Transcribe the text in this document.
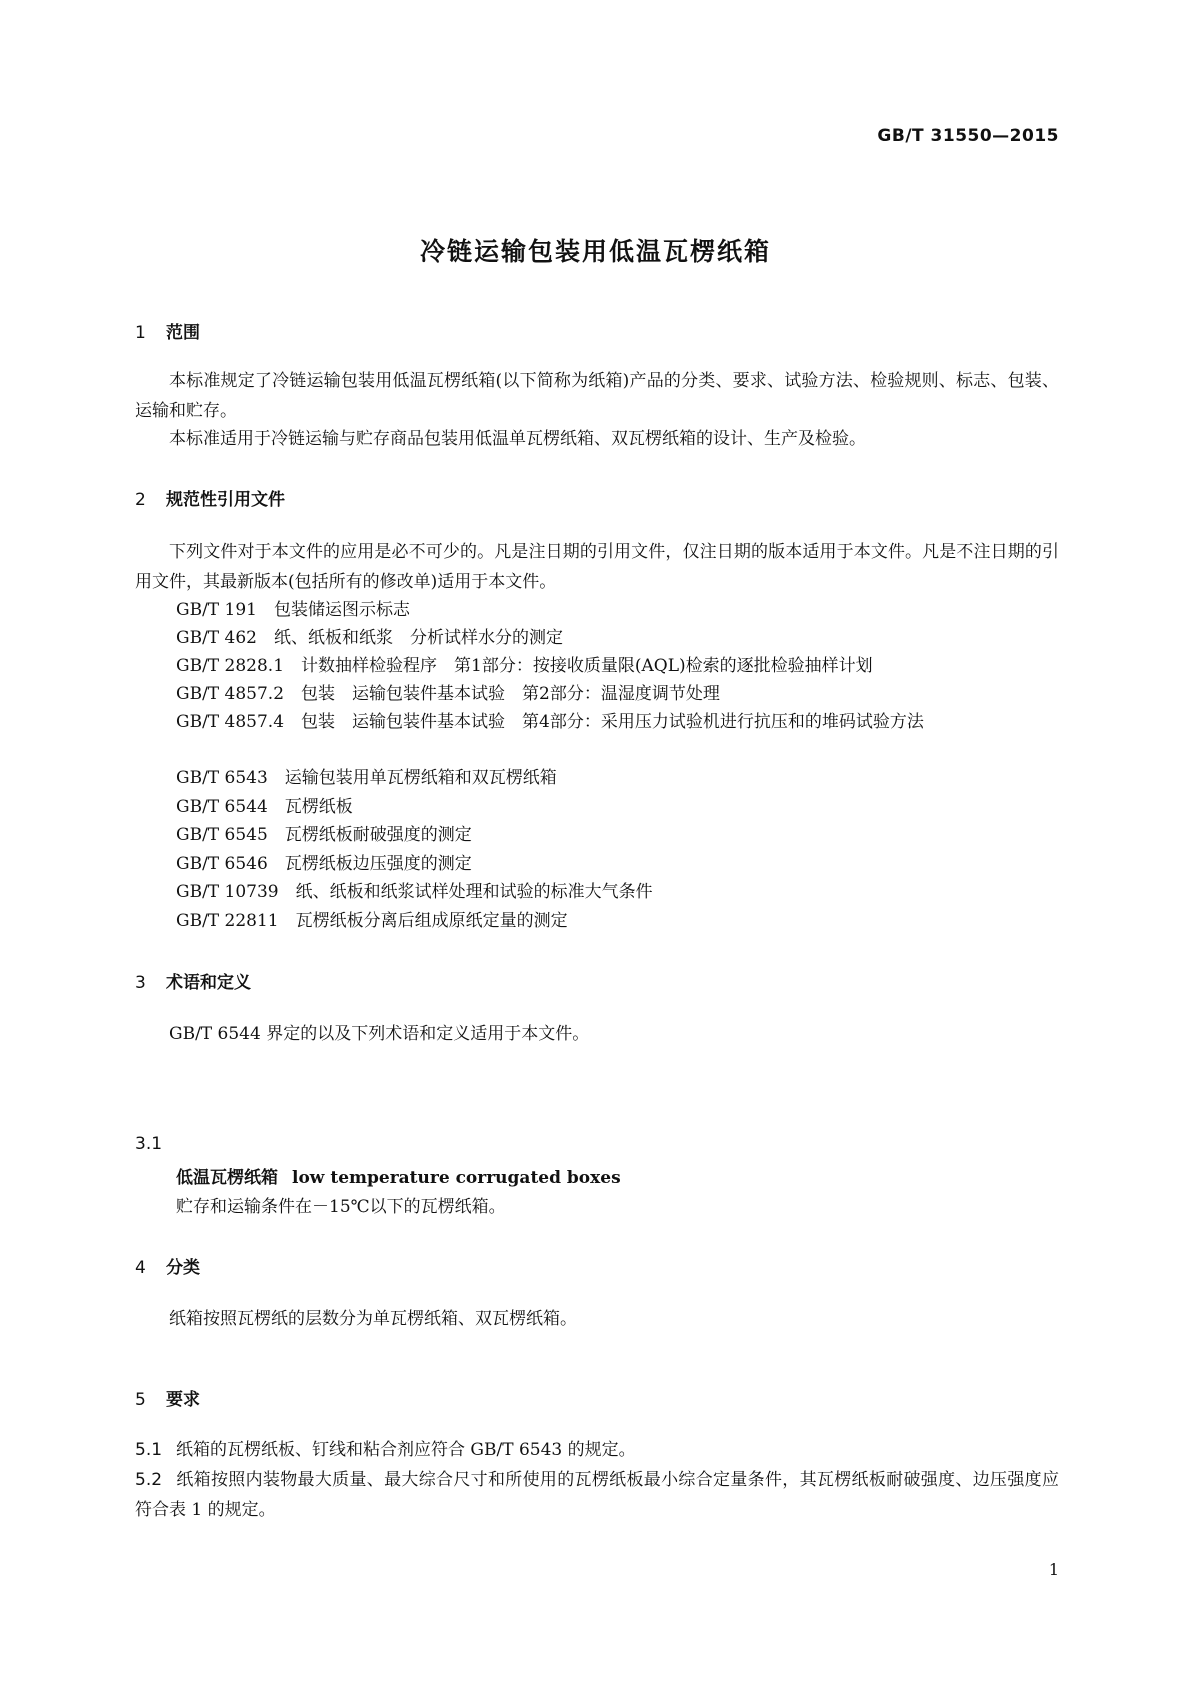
GB/T 31550—2015
冷链运输包装用低温瓦楞纸箱
1 范围
本标准规定了冷链运输包装用低温瓦楞纸箱(以下简称为纸箱)产品的分类、要求、试验方法、检验规则、标志、包装、运输和贮存。
本标准适用于冷链运输与贮存商品包装用低温单瓦楞纸箱、双瓦楞纸箱的设计、生产及检验。
2 规范性引用文件
下列文件对于本文件的应用是必不可少的。凡是注日期的引用文件，仅注日期的版本适用于本文件。凡是不注日期的引用文件，其最新版本(包括所有的修改单)适用于本文件。
GB/T 191　包装储运图示标志
GB/T 462　纸、纸板和纸浆　分析试样水分的测定
GB/T 2828.1　计数抽样检验程序　第1部分：按接收质量限(AQL)检索的逐批检验抽样计划
GB/T 4857.2　包装　运输包装件基本试验　第2部分：温湿度调节处理
GB/T 4857.4　包装　运输包装件基本试验　第4部分：采用压力试验机进行抗压和的堆码试验方法
GB/T 6543　运输包装用单瓦楞纸箱和双瓦楞纸箱
GB/T 6544　瓦楞纸板
GB/T 6545　瓦楞纸板耐破强度的测定
GB/T 6546　瓦楞纸板边压强度的测定
GB/T 10739　纸、纸板和纸浆试样处理和试验的标准大气条件
GB/T 22811　瓦楞纸板分离后组成原纸定量的测定
3 术语和定义
GB/T 6544 界定的以及下列术语和定义适用于本文件。
3.1
低温瓦楞纸箱 low temperature corrugated boxes
贮存和运输条件在－15℃以下的瓦楞纸箱。
4 分类
纸箱按照瓦楞纸的层数分为单瓦楞纸箱、双瓦楞纸箱。
5 要求
5.1 纸箱的瓦楞纸板、钉线和粘合剂应符合 GB/T 6543 的规定。
5.2 纸箱按照内装物最大质量、最大综合尺寸和所使用的瓦楞纸板最小综合定量条件，其瓦楞纸板耐破强度、边压强度应符合表 1 的规定。
1
